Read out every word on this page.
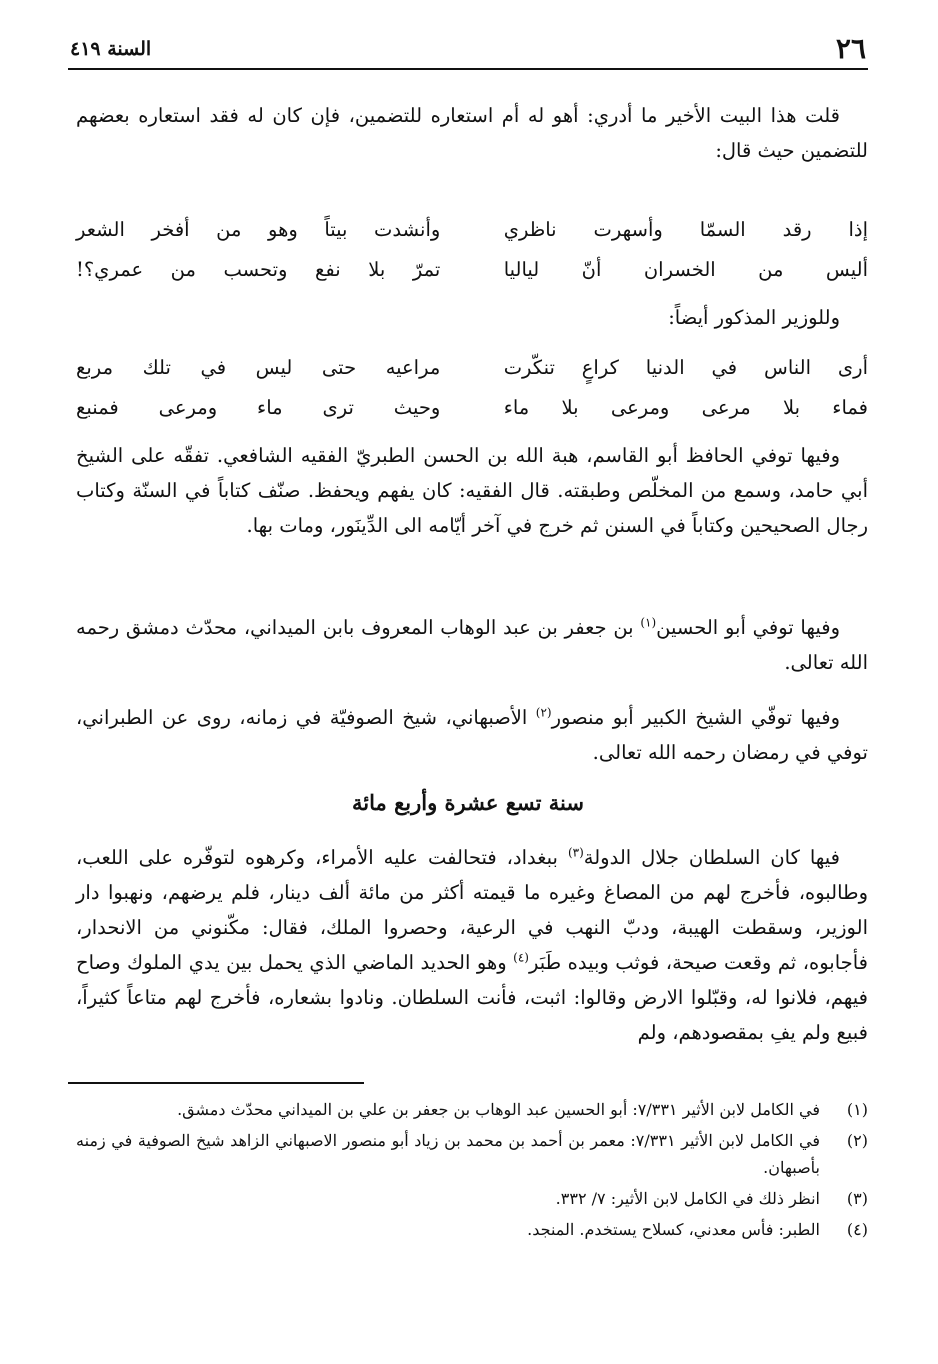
٢٦
السنة ٤١٩

قلت هذا البيت الأخير ما أدري: أهو له أم استعاره للتضمين، فإن كان له فقد استعاره بعضهم للتضمين حيث قال:

إذا رقد السمّا وأسهرت ناظري
وأنشدت بيتاً وهو من أفخر الشعر
أليس من الخسران أنّ لياليا
تمرّ بلا نفع وتحسب من عمري؟!

وللوزير المذكور أيضاً:

أرى الناس في الدنيا كراعٍ تنكّرت
مراعيه حتى ليس في تلك مربع
فماء بلا مرعى ومرعى بلا ماء
وحيث ترى ماء ومرعى فمنبع

وفيها توفي الحافظ أبو القاسم، هبة الله بن الحسن الطبريّ الفقيه الشافعي. تفقّه على الشيخ أبي حامد، وسمع من المخلّص وطبقته. قال الفقيه: كان يفهم ويحفظ. صنّف كتاباً في السنّة وكتاب رجال الصحيحين وكتاباً في السنن ثم خرج في آخر أيّامه الى الدِّينَور، ومات بها.

وفيها توفي أبو الحسين$^{(١)}$ بن جعفر بن عبد الوهاب المعروف بابن الميداني، محدّث دمشق رحمه الله تعالى.

وفيها توفّي الشيخ الكبير أبو منصور$^{(٢)}$ الأصبهاني، شيخ الصوفيّة في زمانه، روى عن الطبراني، توفي في رمضان رحمه الله تعالى.

سنة تسع عشرة وأربع مائة

فيها كان السلطان جلال الدولة$^{(٣)}$ ببغداد، فتحالفت عليه الأمراء، وكرهوه لتوفّره على اللعب، وطالبوه، فأخرج لهم من المصاغ وغيره ما قيمته أكثر من مائة ألف دينار، فلم يرضهم، ونهبوا دار الوزير، وسقطت الهيبة، ودبّ النهب في الرعية، وحصروا الملك، فقال: مكّنوني من الانحدار، فأجابوه، ثم وقعت صيحة، فوثب وبيده طَبَر$^{(٤)}$ وهو الحديد الماضي الذي يحمل بين يدي الملوك وصاح فيهم، فلانوا له، وقبّلوا الارض وقالوا: اثبت، فأنت السلطان. ونادوا بشعاره، فأخرج لهم متاعاً كثيراً، فبيع ولم يفِ بمقصودهم، ولم

(١)
في الكامل لابن الأثير ٧/٣٣١: أبو الحسين عبد الوهاب بن جعفر بن علي بن الميداني محدّث دمشق.
(٢)
في الكامل لابن الأثير ٧/٣٣١: معمر بن أحمد بن محمد بن زياد أبو منصور الاصبهاني الزاهد شيخ الصوفية في زمنه بأصبهان.
(٣)
انظر ذلك في الكامل لابن الأثير: ٧/ ٣٣٢.
(٤)
الطبر: فأس معدني، كسلاح يستخدم. المنجد.
